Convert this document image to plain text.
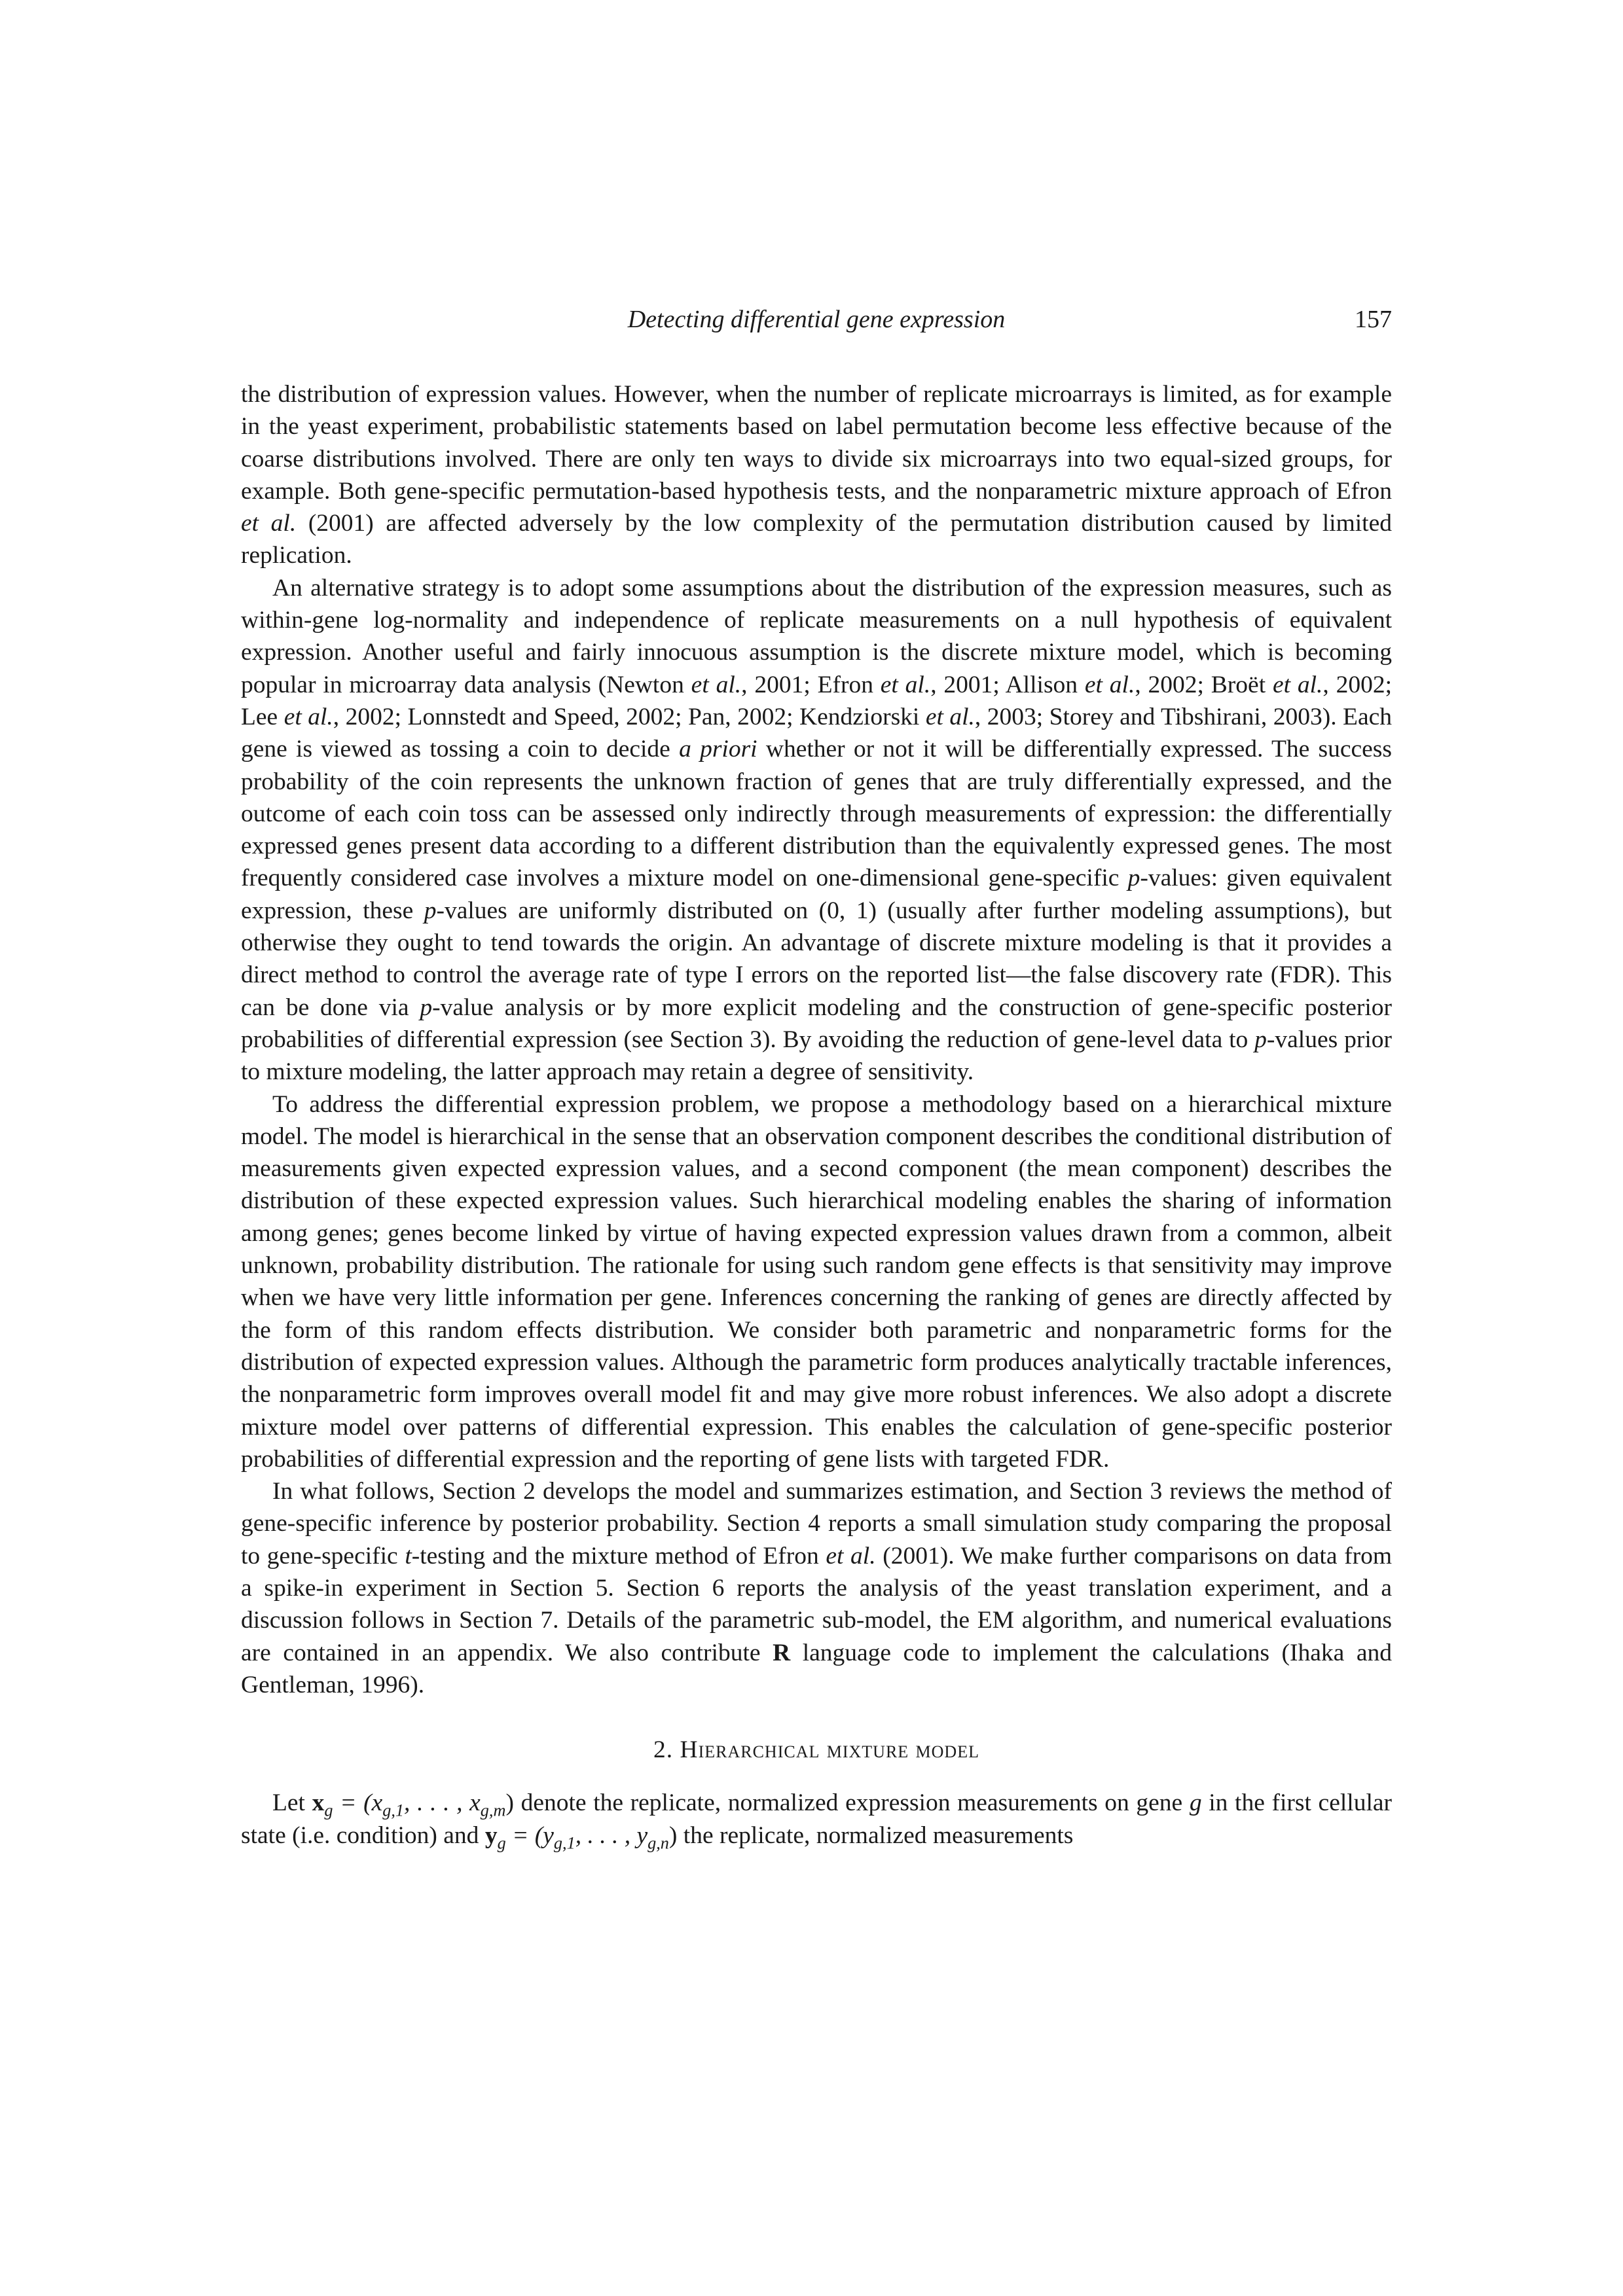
Detecting differential gene expression	157

the distribution of expression values. However, when the number of replicate microarrays is limited, as for example in the yeast experiment, probabilistic statements based on label permutation become less effective because of the coarse distributions involved. There are only ten ways to divide six microarrays into two equal-sized groups, for example. Both gene-specific permutation-based hypothesis tests, and the nonparametric mixture approach of Efron et al. (2001) are affected adversely by the low complexity of the permutation distribution caused by limited replication.

An alternative strategy is to adopt some assumptions about the distribution of the expression measures, such as within-gene log-normality and independence of replicate measurements on a null hypothesis of equivalent expression. Another useful and fairly innocuous assumption is the discrete mixture model, which is becoming popular in microarray data analysis (Newton et al., 2001; Efron et al., 2001; Allison et al., 2002; Broët et al., 2002; Lee et al., 2002; Lonnstedt and Speed, 2002; Pan, 2002; Kendziorski et al., 2003; Storey and Tibshirani, 2003). Each gene is viewed as tossing a coin to decide a priori whether or not it will be differentially expressed. The success probability of the coin represents the unknown fraction of genes that are truly differentially expressed, and the outcome of each coin toss can be assessed only indirectly through measurements of expression: the differentially expressed genes present data according to a different distribution than the equivalently expressed genes. The most frequently considered case involves a mixture model on one-dimensional gene-specific p-values: given equivalent expression, these p-values are uniformly distributed on (0, 1) (usually after further modeling assumptions), but otherwise they ought to tend towards the origin. An advantage of discrete mixture modeling is that it provides a direct method to control the average rate of type I errors on the reported list—the false discovery rate (FDR). This can be done via p-value analysis or by more explicit modeling and the construction of gene-specific posterior probabilities of differential expression (see Section 3). By avoiding the reduction of gene-level data to p-values prior to mixture modeling, the latter approach may retain a degree of sensitivity.

To address the differential expression problem, we propose a methodology based on a hierarchical mixture model. The model is hierarchical in the sense that an observation component describes the conditional distribution of measurements given expected expression values, and a second component (the mean component) describes the distribution of these expected expression values. Such hierarchical modeling enables the sharing of information among genes; genes become linked by virtue of having expected expression values drawn from a common, albeit unknown, probability distribution. The rationale for using such random gene effects is that sensitivity may improve when we have very little information per gene. Inferences concerning the ranking of genes are directly affected by the form of this random effects distribution. We consider both parametric and nonparametric forms for the distribution of expected expression values. Although the parametric form produces analytically tractable inferences, the nonparametric form improves overall model fit and may give more robust inferences. We also adopt a discrete mixture model over patterns of differential expression. This enables the calculation of gene-specific posterior probabilities of differential expression and the reporting of gene lists with targeted FDR.

In what follows, Section 2 develops the model and summarizes estimation, and Section 3 reviews the method of gene-specific inference by posterior probability. Section 4 reports a small simulation study comparing the proposal to gene-specific t-testing and the mixture method of Efron et al. (2001). We make further comparisons on data from a spike-in experiment in Section 5. Section 6 reports the analysis of the yeast translation experiment, and a discussion follows in Section 7. Details of the parametric sub-model, the EM algorithm, and numerical evaluations are contained in an appendix. We also contribute R language code to implement the calculations (Ihaka and Gentleman, 1996).

2. Hierarchical mixture model

Let $x_g = (x_{g,1}$, . . . , $x_{g,m}$) denote the replicate, normalized expression measurements on gene g in the first cellular state (i.e. condition) and $y_g = (y_{g,1}$, . . . , $y_{g,n}$) the replicate, normalized measurements
